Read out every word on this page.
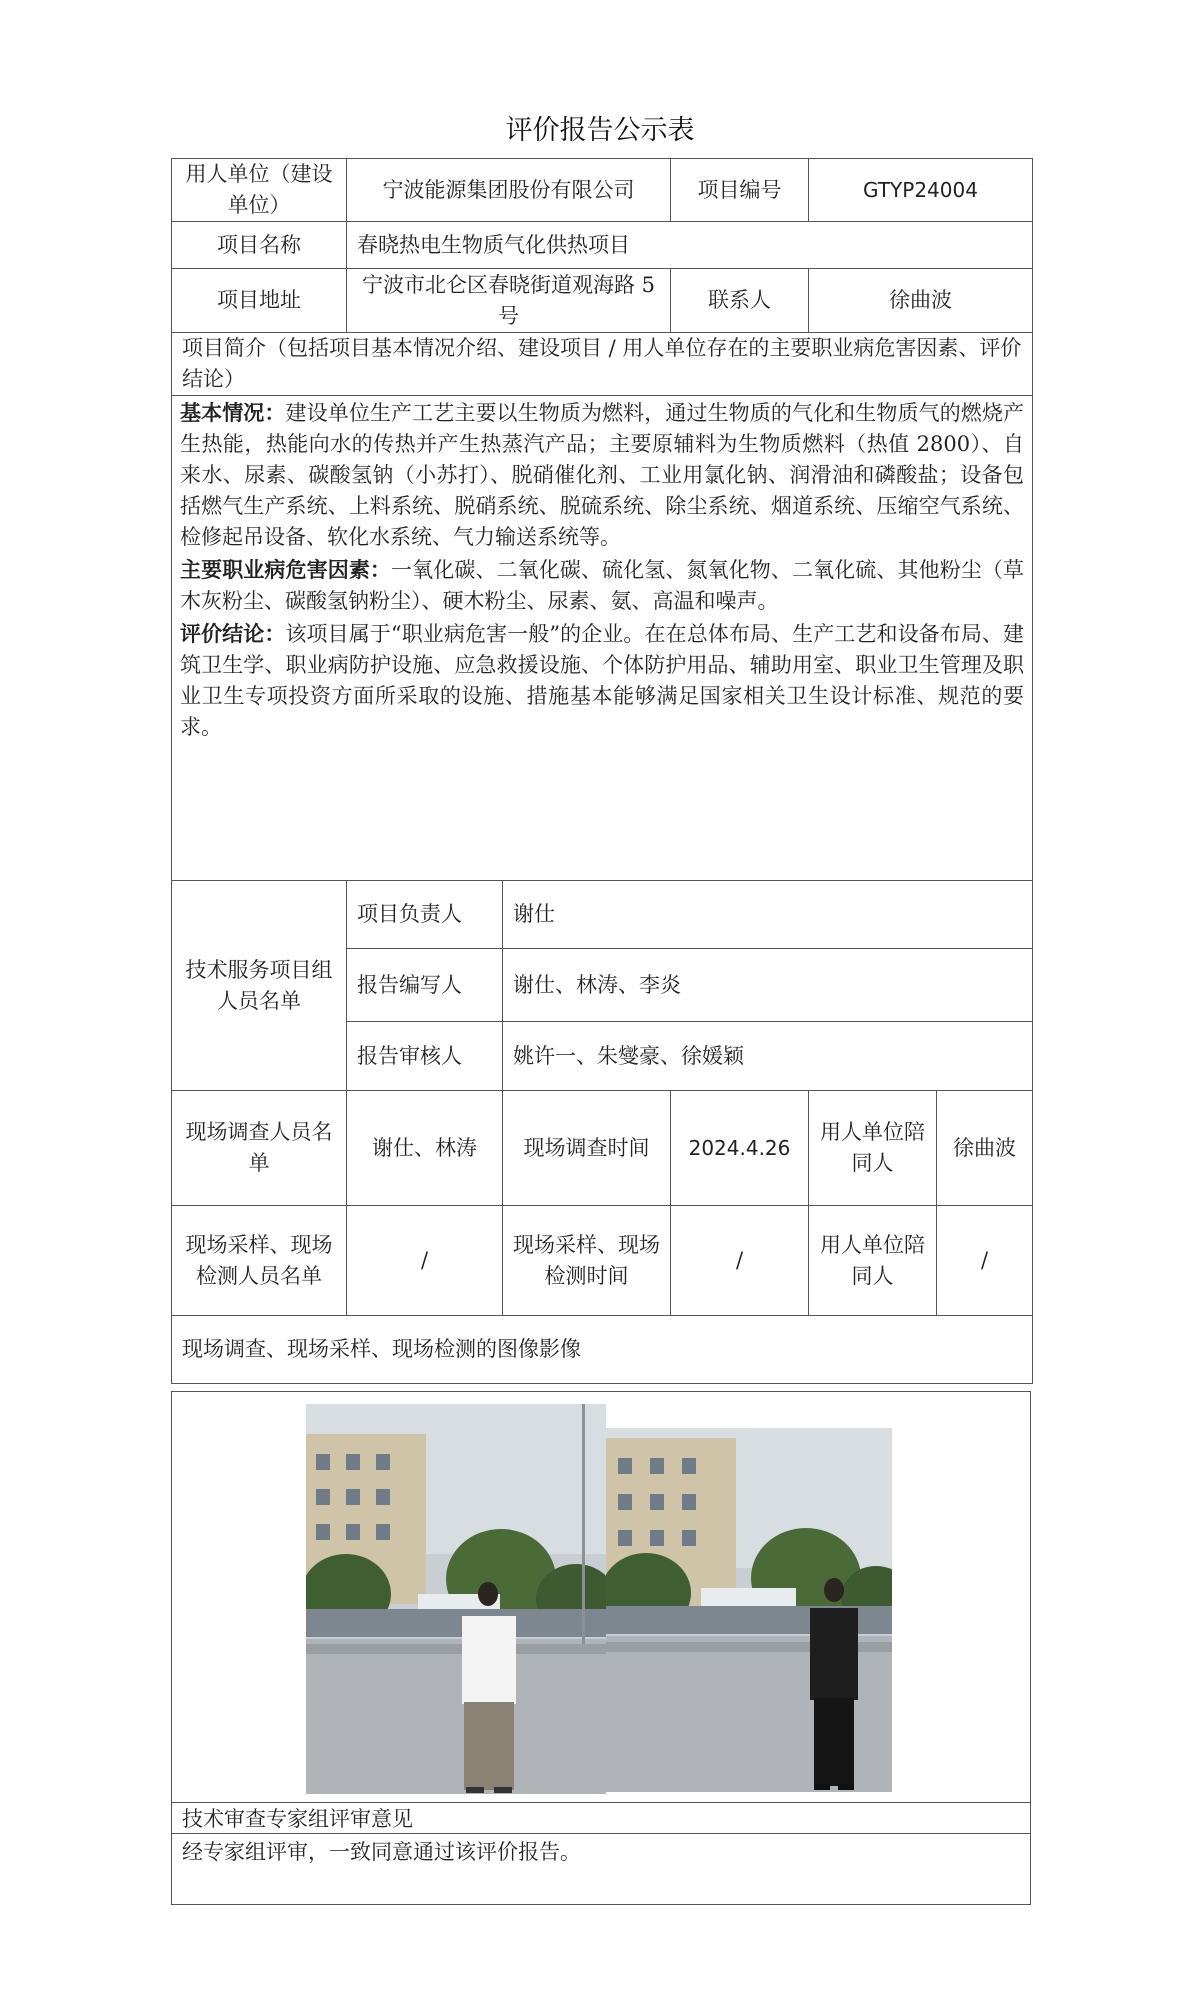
评价报告公示表
用人单位（建设单位）	宁波能源集团股份有限公司		项目编号	GTYP24004	
项目名称	春晓热电生物质气化供热项目				
项目地址	宁波市北仑区春晓街道观海路 5 号		联系人	徐曲波	
项目简介（包括项目基本情况介绍、建设项目 / 用人单位存在的主要职业病危害因素、评价结论）					

基本情况：建设单位生产工艺主要以生物质为燃料，通过生物质的气化和生物质气的燃烧产生热能，热能向水的传热并产生热蒸汽产品；主要原辅料为生物质燃料（热值 2800）、自来水、尿素、碳酸氢钠（小苏打）、脱硝催化剂、工业用氯化钠、润滑油和磷酸盐；设备包括燃气生产系统、上料系统、脱硝系统、脱硫系统、除尘系统、烟道系统、压缩空气系统、检修起吊设备、软化水系统、气力输送系统等。

主要职业病危害因素：一氧化碳、二氧化碳、硫化氢、氮氧化物、二氧化硫、其他粉尘（草木灰粉尘、碳酸氢钠粉尘）、硬木粉尘、尿素、氨、高温和噪声。

评价结论：该项目属于“职业病危害一般”的企业。在在总体布局、生产工艺和设备布局、建筑卫生学、职业病防护设施、应急救援设施、个体防护用品、辅助用室、职业卫生管理及职业卫生专项投资方面所采取的设施、措施基本能够满足国家相关卫生设计标准、规范的要求。					

技术服务项目组人员名单	项目负责人	谢仕			
	报告编写人	谢仕、林涛、李炎			
	报告审核人	姚许一、朱燮豪、徐媛颖			
现场调查人员名单	谢仕、林涛	现场调查时间	2024.4.26	用人单位陪同人	徐曲波
现场采样、现场检测人员名单	/	现场采样、现场检测时间	/	用人单位陪同人	/
现场调查、现场采样、现场检测的图像影像					
技术审查专家组评审意见
经专家组评审，一致同意通过该评价报告。
